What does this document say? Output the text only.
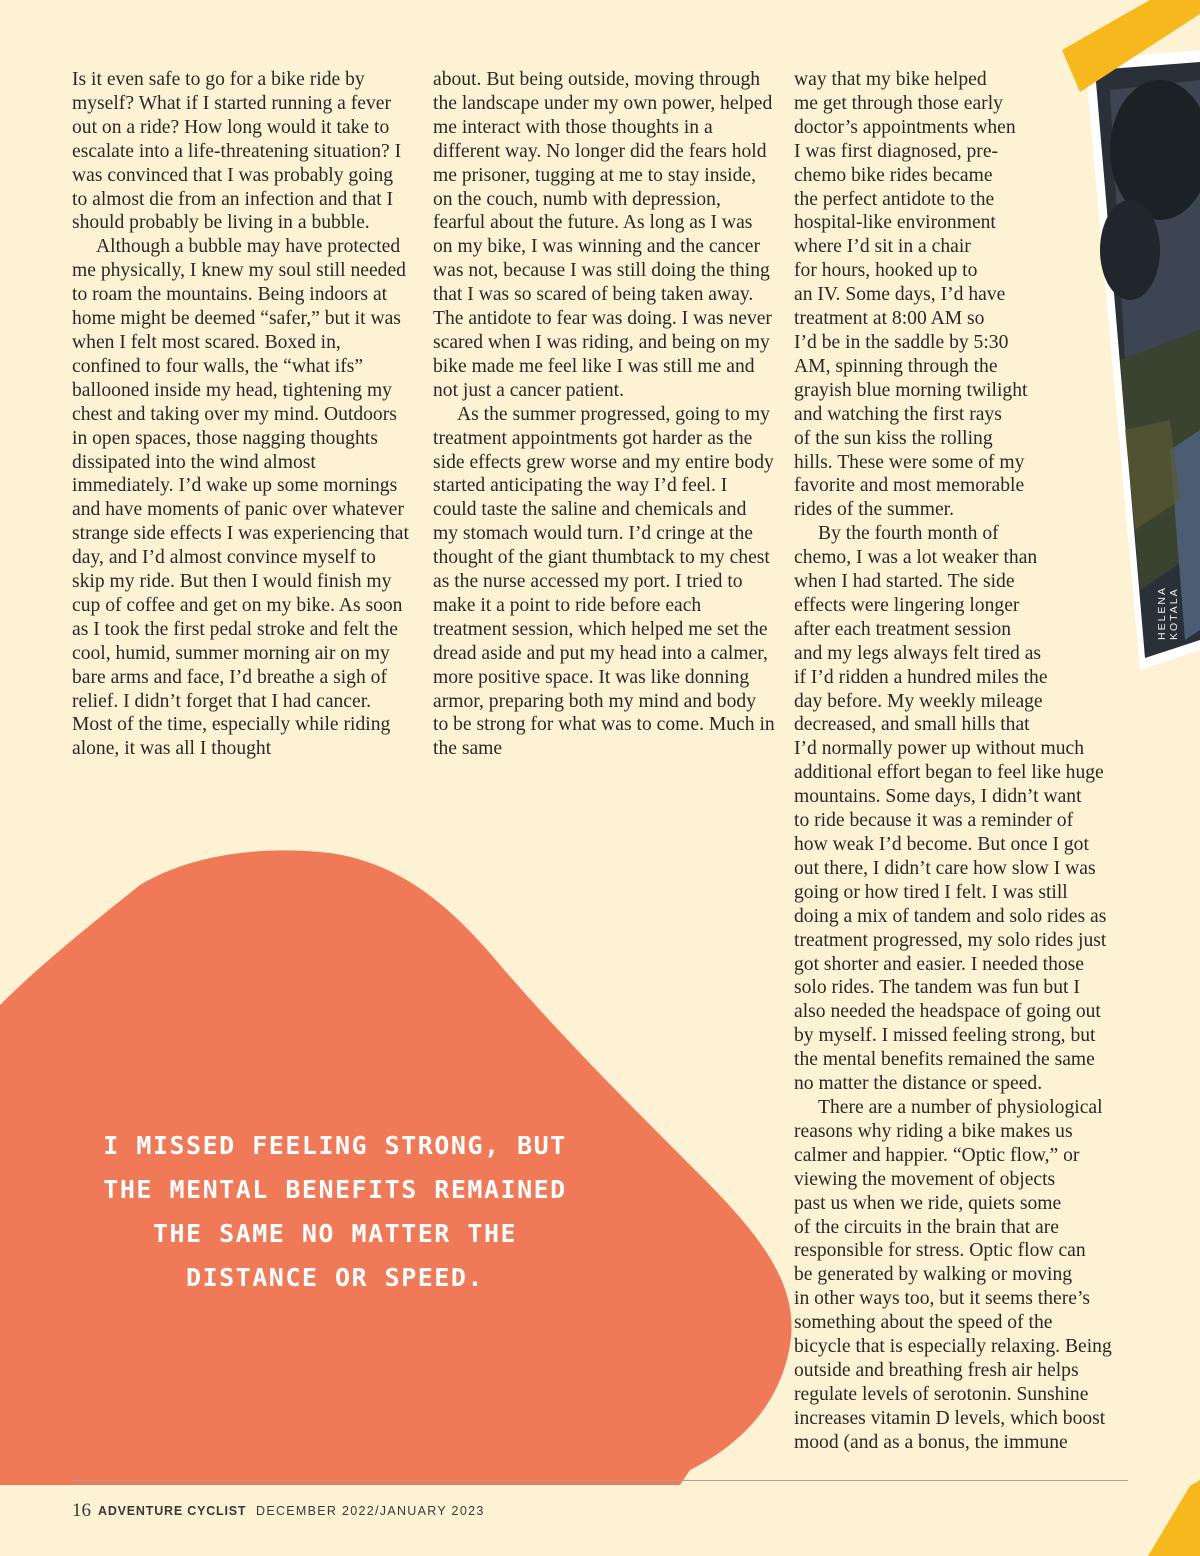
I MISSED FEELING STRONG, BUT THE MENTAL BENEFITS REMAINED THE SAME NO MATTER THE DISTANCE OR SPEED.

Is it even safe to go for a bike ride by myself? What if I started running a fever out on a ride? How long would it take to escalate into a life-threatening situation? I was convinced that I was probably going to almost die from an infection and that I should probably be living in a bubble.

Although a bubble may have protected me physically, I knew my soul still needed to roam the mountains. Being indoors at home might be deemed “safer,” but it was when I felt most scared. Boxed in, confined to four walls, the “what ifs” ballooned inside my head, tightening my chest and taking over my mind. Outdoors in open spaces, those nagging thoughts dissipated into the wind almost immediately. I’d wake up some mornings and have moments of panic over whatever strange side effects I was experiencing that day, and I’d almost convince myself to skip my ride. But then I would finish my cup of coffee and get on my bike. As soon as I took the first pedal stroke and felt the cool, humid, summer morning air on my bare arms and face, I’d breathe a sigh of relief. I didn’t forget that I had cancer. Most of the time, especially while riding alone, it was all I thought

about. But being outside, moving through the landscape under my own power, helped me interact with those thoughts in a different way. No longer did the fears hold me prisoner, tugging at me to stay inside, on the couch, numb with depression, fearful about the future. As long as I was on my bike, I was winning and the cancer was not, because I was still doing the thing that I was so scared of being taken away. The antidote to fear was doing. I was never scared when I was riding, and being on my bike made me feel like I was still me and not just a cancer patient.

As the summer progressed, going to my treatment appointments got harder as the side effects grew worse and my entire body started anticipating the way I’d feel. I could taste the saline and chemicals and my stomach would turn. I’d cringe at the thought of the giant thumbtack to my chest as the nurse accessed my port. I tried to make it a point to ride before each treatment session, which helped me set the dread aside and put my head into a calmer, more positive space. It was like donning armor, preparing both my mind and body to be strong for what was to come. Much in the same

way that my bike helped
me get through those early
doctor’s appointments when
I was first diagnosed, pre-
chemo bike rides became
the perfect antidote to the
hospital-like environment
where I’d sit in a chair
for hours, hooked up to
an IV. Some days, I’d have
treatment at 8:00 AM so
I’d be in the saddle by 5:30
AM, spinning through the
grayish blue morning twilight
and watching the first rays
of the sun kiss the rolling
hills. These were some of my
favorite and most memorable
rides of the summer.

By the fourth month of
chemo, I was a lot weaker than
when I had started. The side
effects were lingering longer
after each treatment session
and my legs always felt tired as
if I’d ridden a hundred miles the
day before. My weekly mileage
decreased, and small hills that
I’d normally power up without much
additional effort began to feel like huge
mountains. Some days, I didn’t want
to ride because it was a reminder of
how weak I’d become. But once I got
out there, I didn’t care how slow I was
going or how tired I felt. I was still
doing a mix of tandem and solo rides as
treatment progressed, my solo rides just
got shorter and easier. I needed those
solo rides. The tandem was fun but I
also needed the headspace of going out
by myself. I missed feeling strong, but
the mental benefits remained the same
no matter the distance or speed.

There are a number of physiological
reasons why riding a bike makes us
calmer and happier. “Optic flow,” or
viewing the movement of objects
past us when we ride, quiets some
of the circuits in the brain that are
responsible for stress. Optic flow can
be generated by walking or moving
in other ways too, but it seems there’s
something about the speed of the
bicycle that is especially relaxing. Being
outside and breathing fresh air helps
regulate levels of serotonin. Sunshine
increases vitamin D levels, which boost
mood (and as a bonus, the immune

HELENA KOTALA
16 ADVENTURE CYCLIST DECEMBER 2022/JANUARY 2023
